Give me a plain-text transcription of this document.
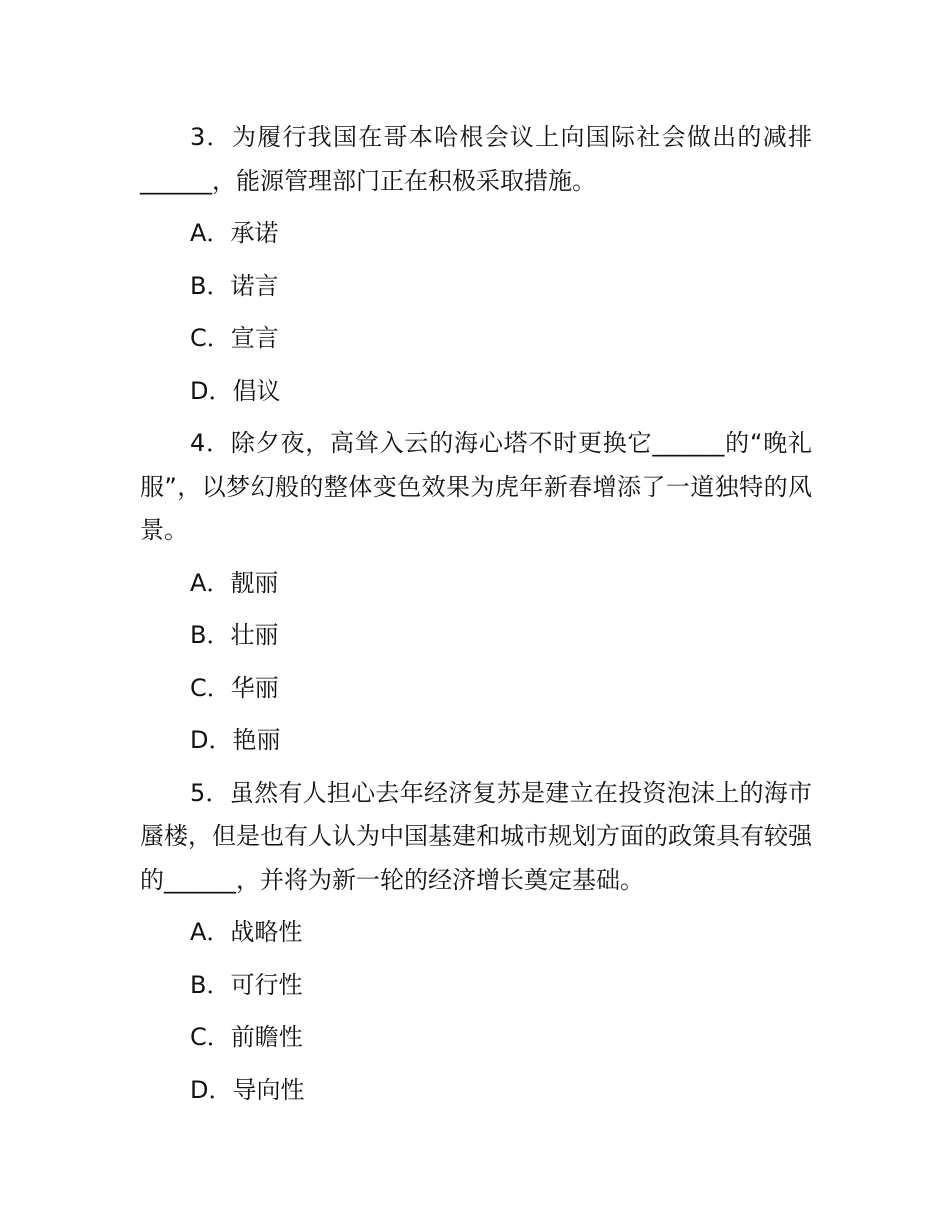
3．为履行我国在哥本哈根会议上向国际社会做出的减排______，能源管理部门正在积极采取措施。

A．承诺
B．诺言
C．宣言
D．倡议

4．除夕夜，高耸入云的海心塔不时更换它______的“晚礼服”，以梦幻般的整体变色效果为虎年新春增添了一道独特的风景。

A．靓丽
B．壮丽
C．华丽
D．艳丽

5．虽然有人担心去年经济复苏是建立在投资泡沫上的海市蜃楼，但是也有人认为中国基建和城市规划方面的政策具有较强的______，并将为新一轮的经济增长奠定基础。

A．战略性
B．可行性
C．前瞻性
D．导向性
